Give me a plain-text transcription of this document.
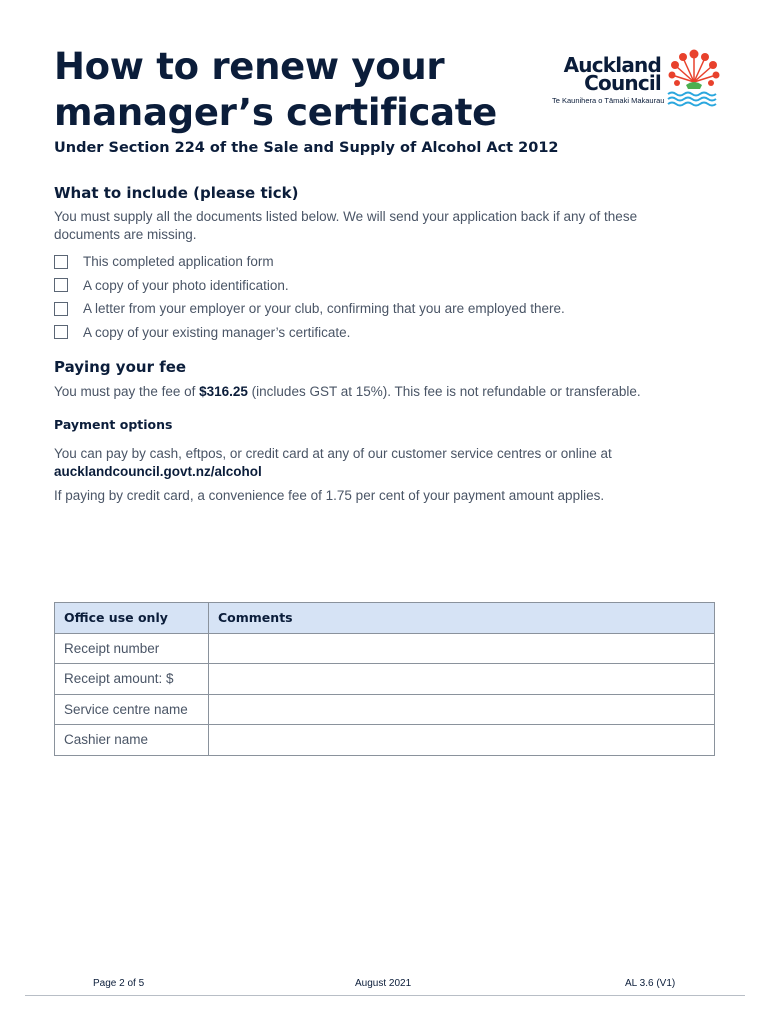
How to renew your
manager’s certificate
Auckland
Council
Te Kaunihera o Tāmaki Makaurau

Under Section 224 of the Sale and Supply of Alcohol Act 2012

What to include (please tick)

You must supply all the documents listed below. We will send your application back if any of these documents are missing.

This completed application form
A copy of your photo identification.
A letter from your employer or your club, confirming that you are employed there.
A copy of your existing manager’s certificate.
Paying your fee

You must pay the fee of $316.25 (includes GST at 15%). This fee is not refundable or transferable.

Payment options

You can pay by cash, eftpos, or credit card at any of our customer service centres or online at
aucklandcouncil.govt.nz/alcohol

If paying by credit card, a convenience fee of 1.75 per cent of your payment amount applies.

Office use only	Comments
Receipt number	
Receipt amount: $	
Service centre name	
Cashier name	
Page 2 of 5	August 2021	AL 3.6 (V1)
